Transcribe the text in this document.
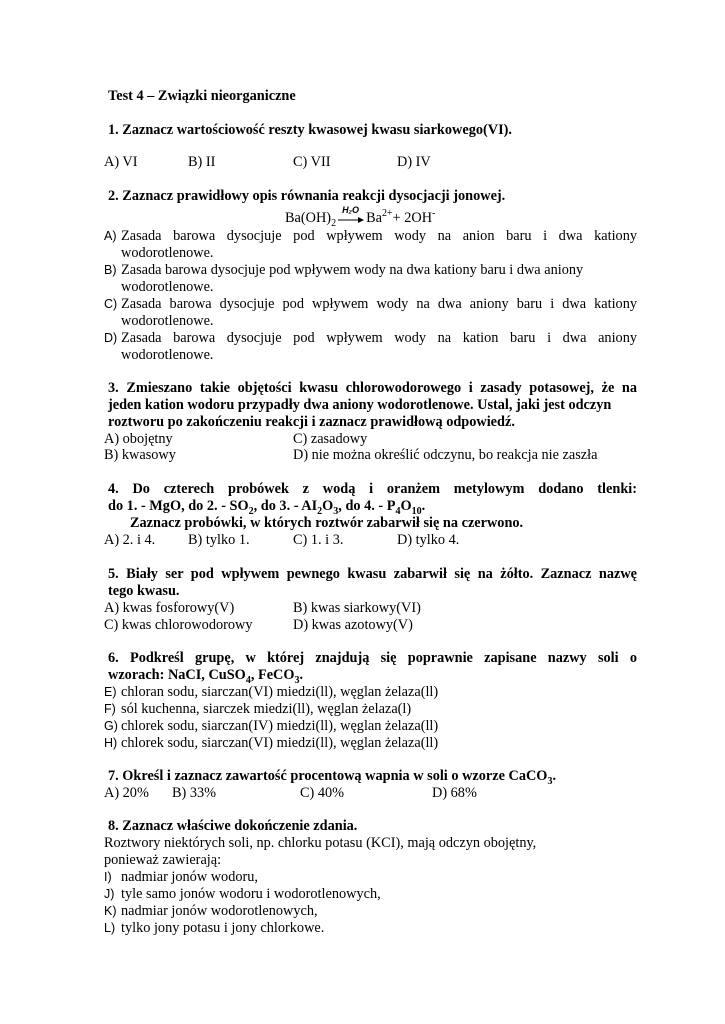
Test 4 – Związki nieorganiczne
1. Zaznacz wartościowość reszty kwasowej kwasu siarkowego(VI).
A) VI	B) II	C) VII	D) IV
2. Zaznacz prawidłowy opis równania reakcji dysocjacji jonowej.
$Ba(OH)_2$
H₂O
$Ba^{2+}+ 2OH^-$
A) Zasada barowa dysocjuje pod wpływem wody na anion baru i dwa kationy
wodorotlenowe.
B) Zasada barowa dysocjuje pod wpływem wody na dwa kationy baru i dwa aniony
wodorotlenowe.
C) Zasada barowa dysocjuje pod wpływem wody na dwa aniony baru i dwa kationy
wodorotlenowe.
D) Zasada barowa dysocjuje pod wpływem wody na kation baru i dwa aniony
wodorotlenowe.
3. Zmieszano takie objętości kwasu chlorowodorowego i zasady potasowej, że na
jeden kation wodoru przypadły dwa aniony wodorotlenowe. Ustal, jaki jest odczyn
roztworu po zakończeniu reakcji i zaznacz prawidłową odpowiedź.
A) obojętny	C) zasadowy
B) kwasowy	D) nie można określić odczynu, bo reakcja nie zaszła
4. Do czterech probówek z wodą i oranżem metylowym dodano tlenki:
do 1. - MgO, do 2. - $SO_2$, do 3. - $AI_2O_3$, do 4. - $P_4O_{10}$.
Zaznacz probówki, w których roztwór zabarwił się na czerwono.
A) 2. i 4. B) tylko 1.	C) 1. i 3.	D) tylko 4.
5. Biały ser pod wpływem pewnego kwasu zabarwił się na żółto. Zaznacz nazwę
tego kwasu.
A) kwas fosforowy(V)	B) kwas siarkowy(VI)
C) kwas chlorowodorowy	D) kwas azotowy(V)
6. Podkreśl grupę, w której znajdują się poprawnie zapisane nazwy soli o
wzorach: NaCI, CuSO$_4$, FeCO$_3$.
E) chloran sodu, siarczan(VI) miedzi(ll), węglan żelaza(ll)
F) sól kuchenna, siarczek miedzi(ll), węglan żelaza(l)
G) chlorek sodu, siarczan(IV) miedzi(ll), węglan żelaza(ll)
H) chlorek sodu, siarczan(VI) miedzi(ll), węglan żelaza(ll)
7. Określ i zaznacz zawartość procentową wapnia w soli o wzorze CaCO$_3$.
A) 20% B) 33%	C) 40%	D) 68%
8. Zaznacz właściwe dokończenie zdania.
Roztwory niektórych soli, np. chlorku potasu (KCI), mają odczyn obojętny,
ponieważ zawierają:
I) nadmiar jonów wodoru,
J) tyle samo jonów wodoru i wodorotlenowych,
K) nadmiar jonów wodorotlenowych,
L) tylko jony potasu i jony chlorkowe.
